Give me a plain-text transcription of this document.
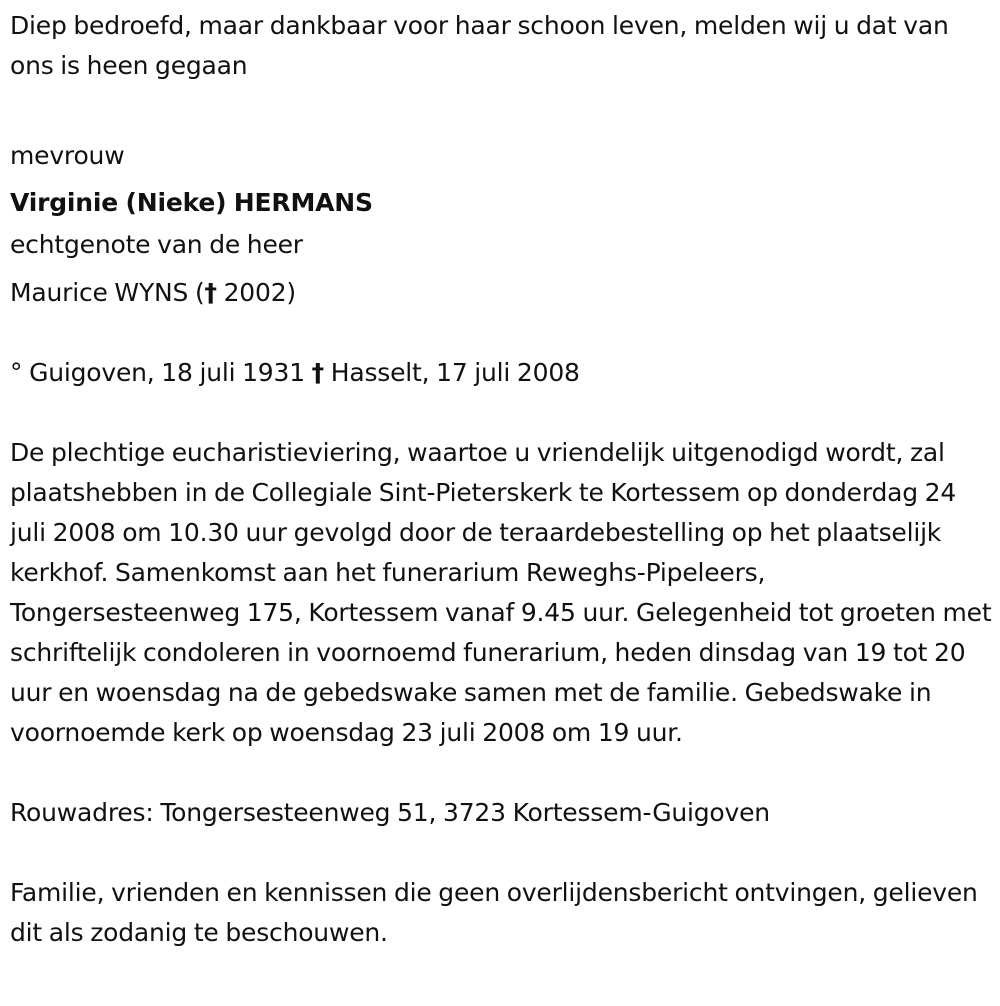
Diep bedroefd, maar dankbaar voor haar schoon leven, melden wij u dat van ons is heen gegaan

mevrouw

Virginie (Nieke) HERMANS

echtgenote van de heer

Maurice WYNS († 2002)

° Guigoven, 18 juli 1931 † Hasselt, 17 juli 2008

De plechtige eucharistieviering, waartoe u vriendelijk uitgenodigd wordt, zal plaatshebben in de Collegiale Sint-Pieterskerk te Kortessem op donderdag 24 juli 2008 om 10.30 uur gevolgd door de teraardebestelling op het plaatselijk kerkhof. Samenkomst aan het funerarium Reweghs-Pipeleers, Tongersesteenweg 175, Kortessem vanaf 9.45 uur. Gelegenheid tot groeten met schriftelijk condoleren in voornoemd funerarium, heden dinsdag van 19 tot 20 uur en woensdag na de gebedswake samen met de familie. Gebedswake in voornoemde kerk op woensdag 23 juli 2008 om 19 uur.

Rouwadres: Tongersesteenweg 51, 3723 Kortessem-Guigoven

Familie, vrienden en kennissen die geen overlijdensbericht ontvingen, gelieven dit als zodanig te beschouwen.
